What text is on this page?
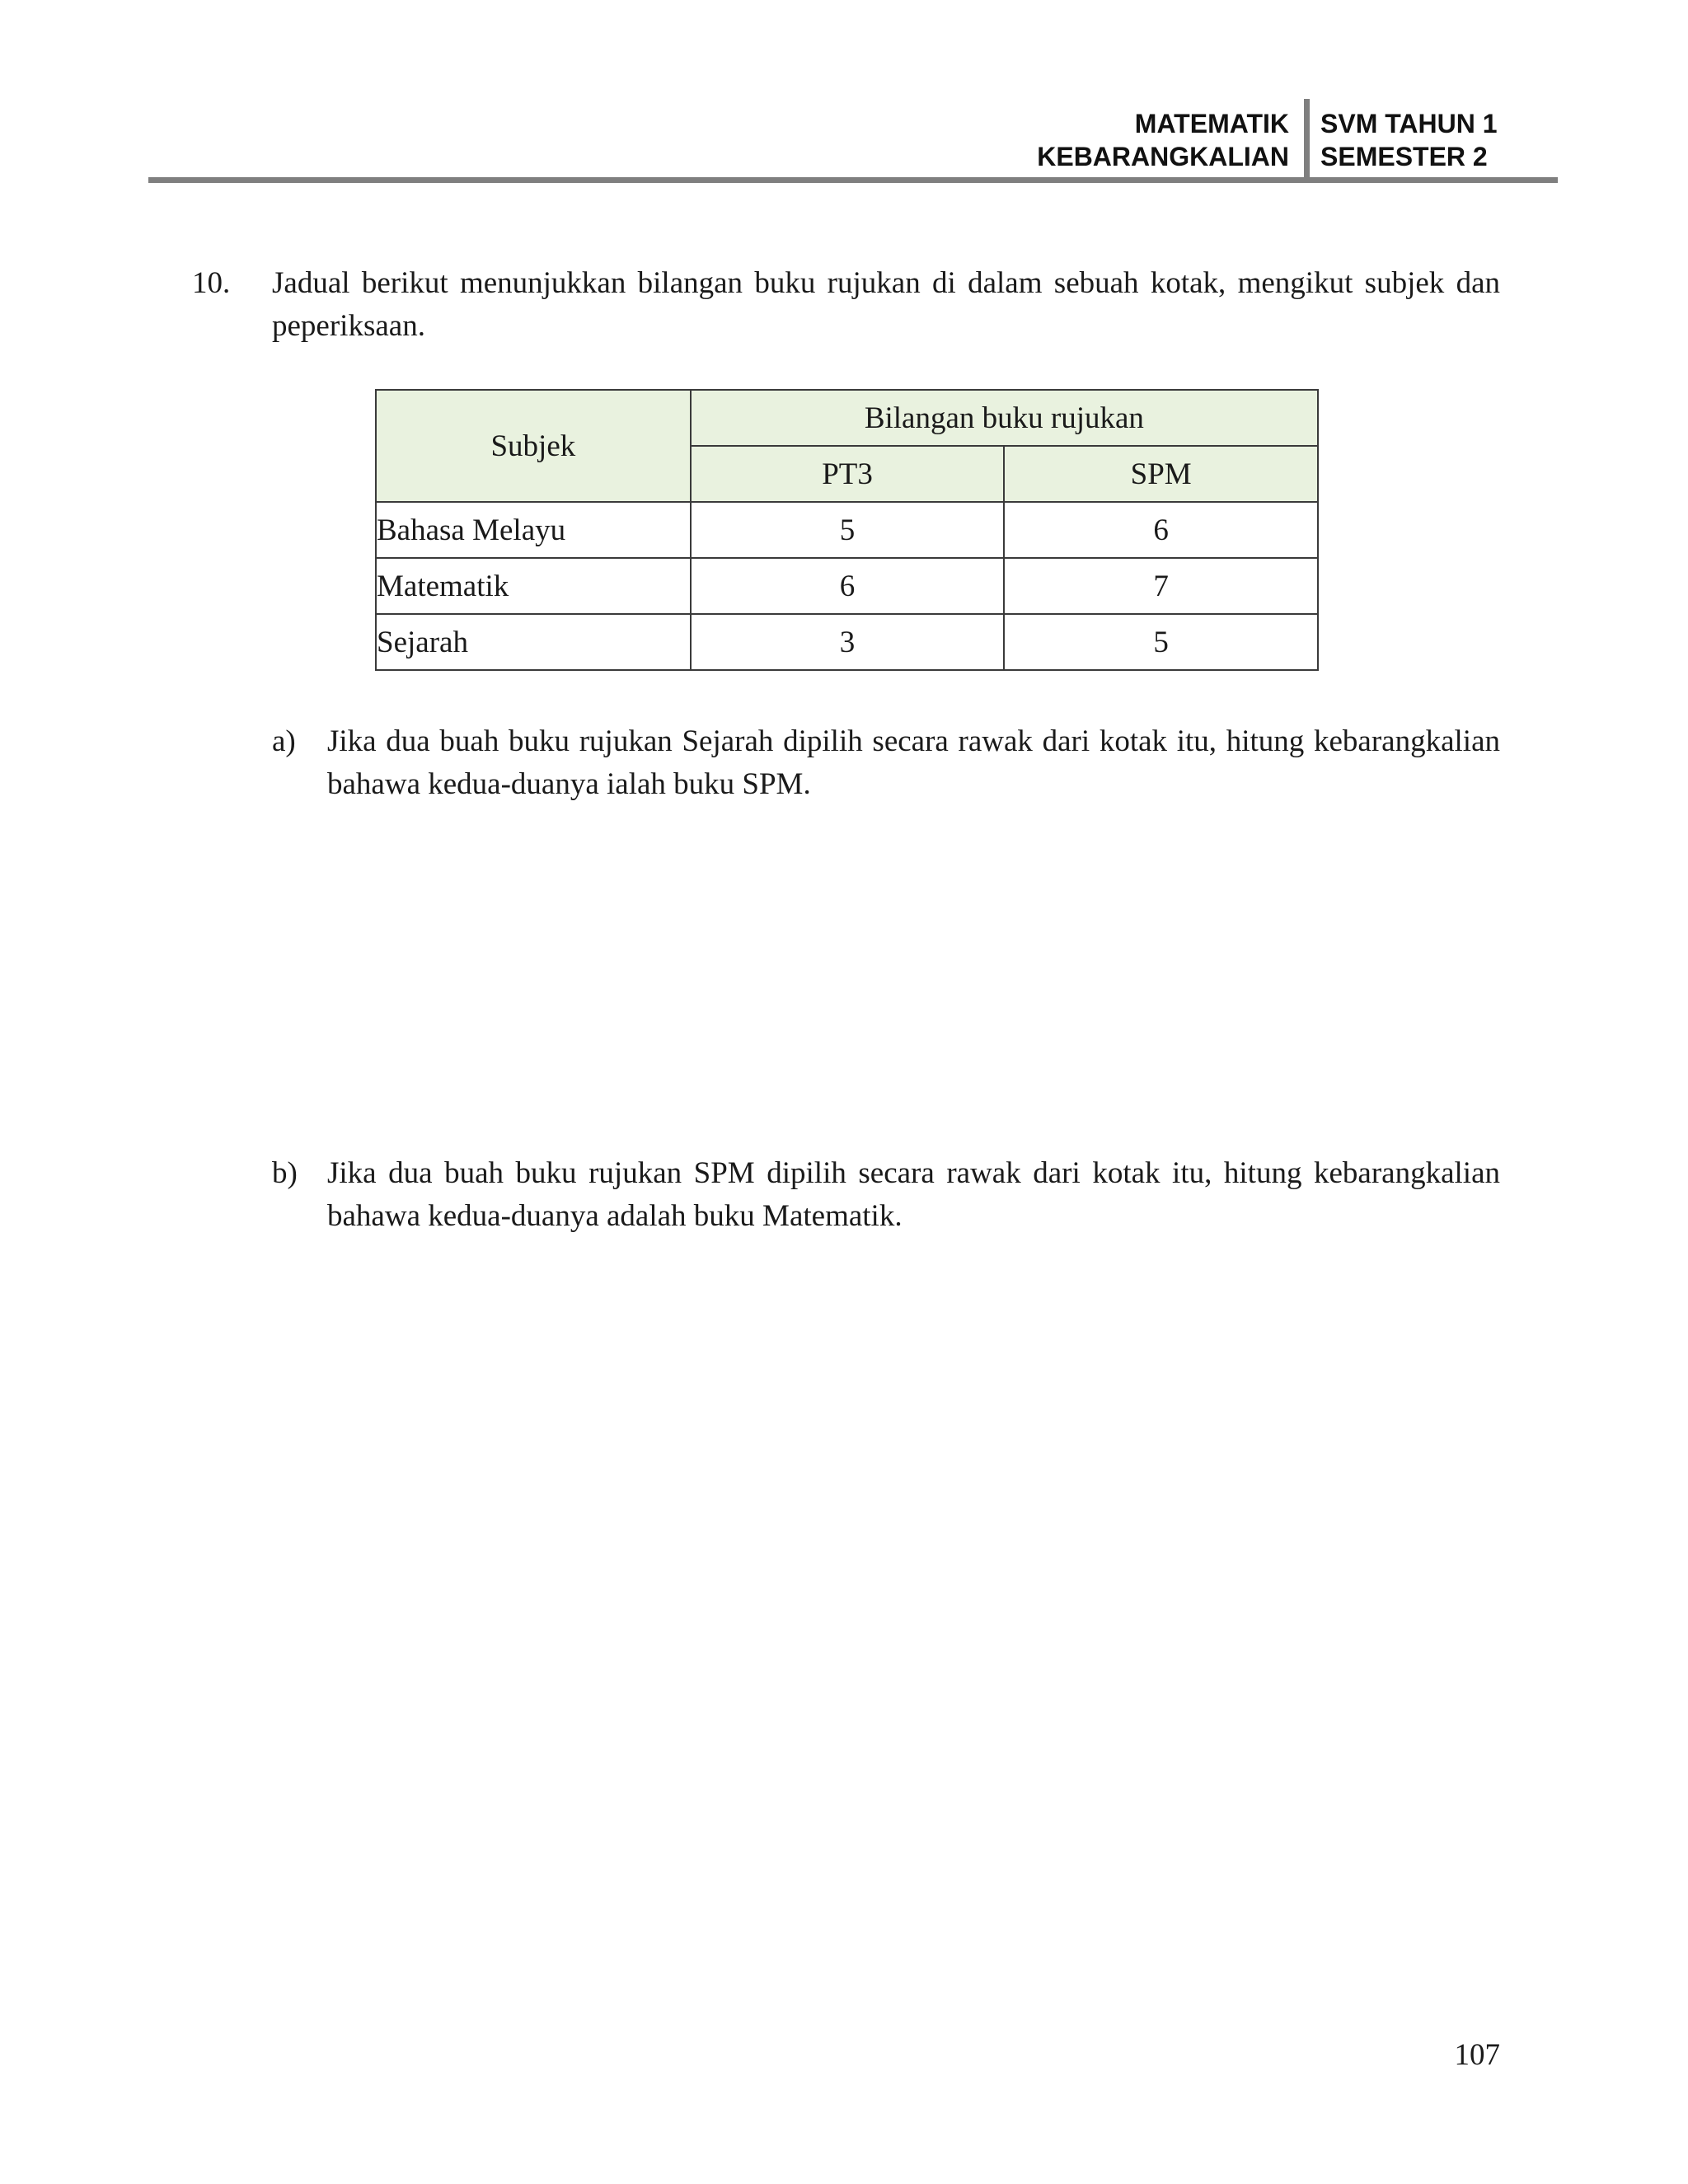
MATEMATIK
KEBARANGKALIAN
SVM TAHUN 1
SEMESTER 2
10. Jadual berikut menunjukkan bilangan buku rujukan di dalam sebuah kotak, mengikut subjek dan peperiksaan.
Subjek	Bilangan buku rujukan	
	PT3	SPM
Bahasa Melayu	5	6
Matematik	6	7
Sejarah	3	5
a) Jika dua buah buku rujukan Sejarah dipilih secara rawak dari kotak itu, hitung kebarangkalian bahawa kedua-duanya ialah buku SPM.
b) Jika dua buah buku rujukan SPM dipilih secara rawak dari kotak itu, hitung kebarangkalian bahawa kedua-duanya adalah buku Matematik.
107
